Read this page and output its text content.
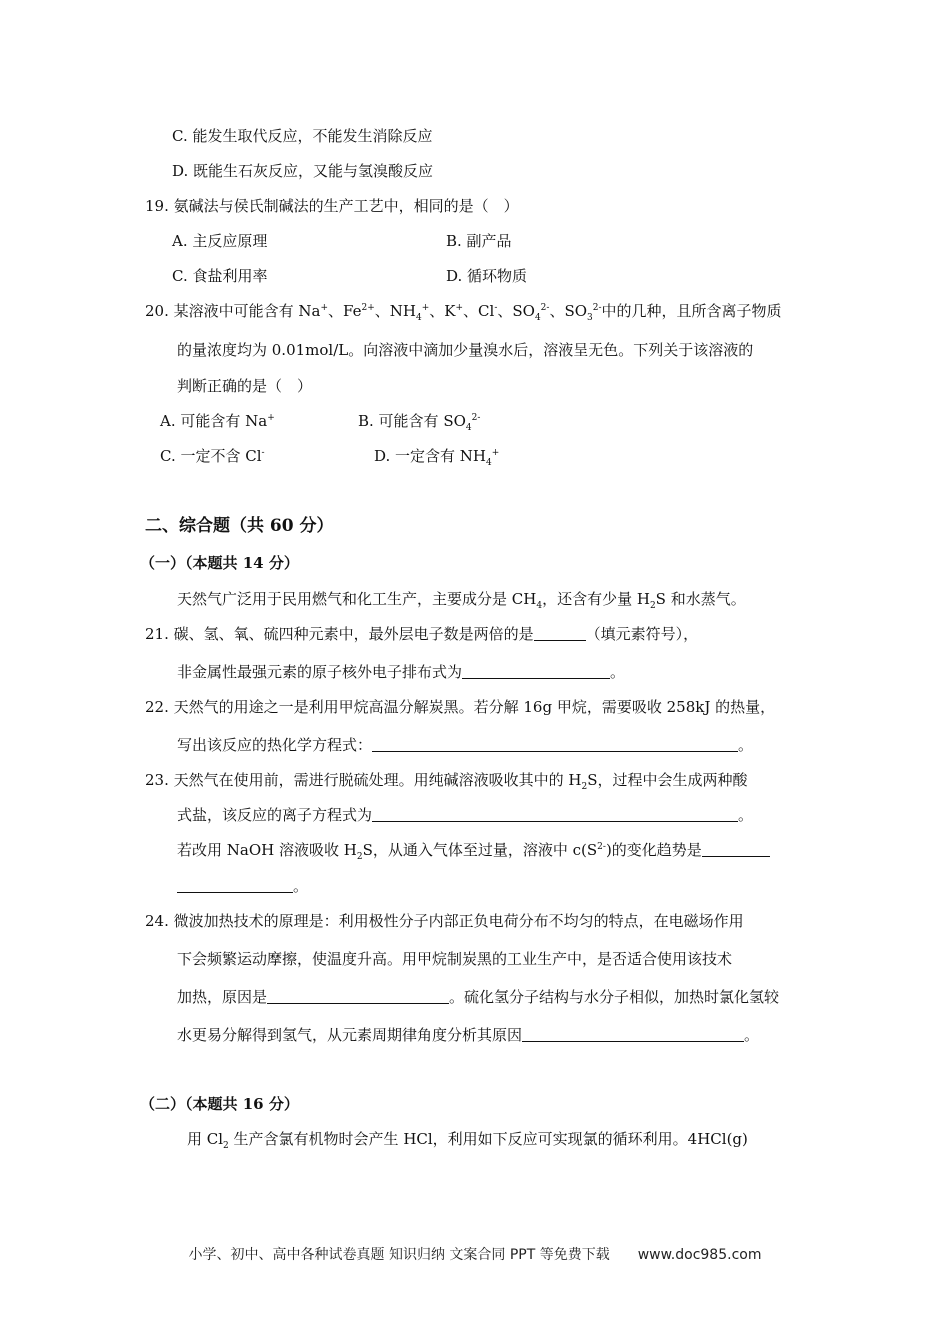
C. 能发生取代反应，不能发生消除反应
D. 既能生石灰反应，又能与氢溴酸反应
19. 氨碱法与侯氏制碱法的生产工艺中，相同的是（　）
A. 主反应原理	B. 副产品
C. 食盐利用率	D. 循环物质
20. 某溶液中可能含有 Na+、$Fe^{2+}$、$NH_4^+$、K+、Cl-、$SO_4^{2-}$、$SO_3^{2-}$中的几种，且所含离子物质
的量浓度均为 0.01mol/L。向溶液中滴加少量溴水后，溶液呈无色。下列关于该溶液的
判断正确的是（　）
A. 可能含有 Na+	B. 可能含有 $SO_4^{2-}$
C. 一定不含 Cl-	D. 一定含有 $NH_4^+$
二、综合题（共 60 分）
（一）（本题共 14 分）
天然气广泛用于民用燃气和化工生产，主要成分是 $CH_4$，还含有少量 $H_2S$ 和水蒸气。
21. 碳、氢、氧、硫四种元素中，最外层电子数是两倍的是	（填元素符号），
非金属性最强元素的原子核外电子排布式为	。
22. 天然气的用途之一是利用甲烷高温分解炭黑。若分解 16g 甲烷，需要吸收 258kJ 的热量，
写出该反应的热化学方程式：	。
23. 天然气在使用前，需进行脱硫处理。用纯碱溶液吸收其中的 $H_2S$，过程中会生成两种酸
式盐，该反应的离子方程式为	。
若改用 NaOH 溶液吸收 $H_2S$，从通入气体至过量，溶液中 $c(S^{2-})$的变化趋势是
。
24. 微波加热技术的原理是：利用极性分子内部正负电荷分布不均匀的特点，在电磁场作用
下会频繁运动摩擦，使温度升高。用甲烷制炭黑的工业生产中，是否适合使用该技术
加热，原因是	。硫化氢分子结构与水分子相似，加热时氯化氢较
水更易分解得到氢气，从元素周期律角度分析其原因	。
（二）（本题共 16 分）
用 $Cl_2$ 生产含氯有机物时会产生 HCl，利用如下反应可实现氯的循环利用。4HCl(g)
小学、初中、高中各种试卷真题 知识归纳 文案合同 PPT 等免费下载　　www.doc985.com
